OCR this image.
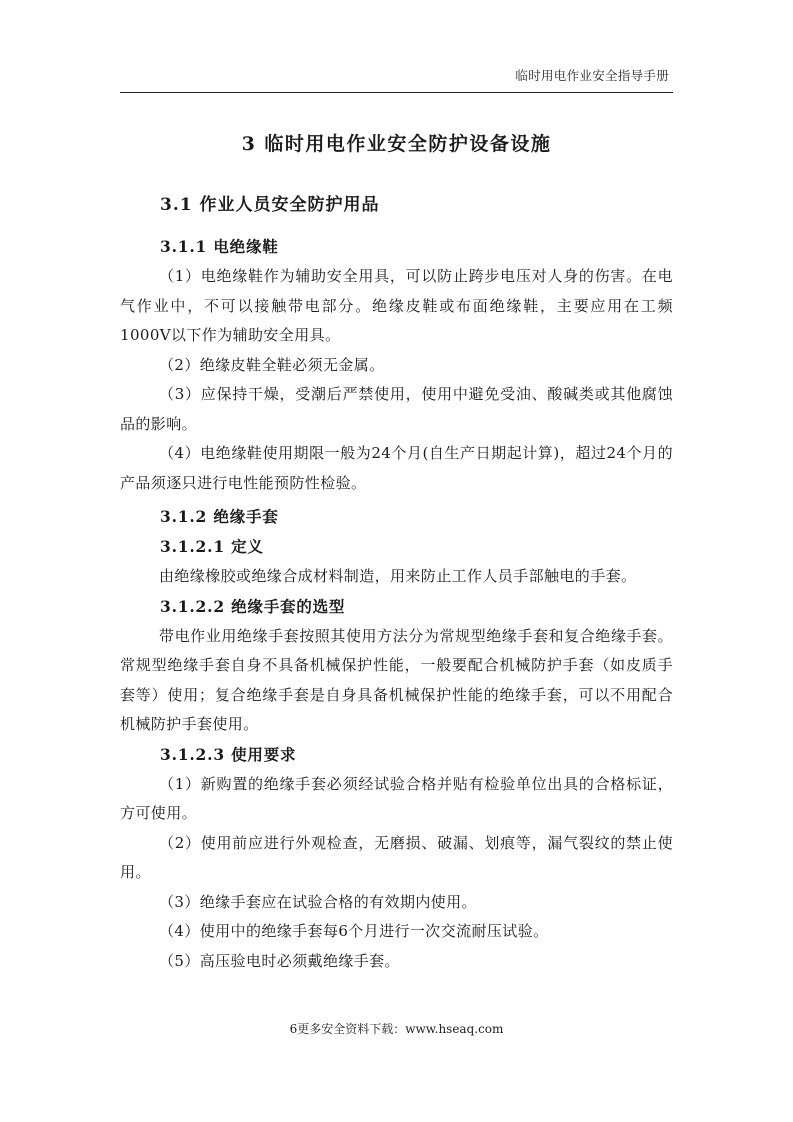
临时用电作业安全指导手册
3 临时用电作业安全防护设备设施
3.1 作业人员安全防护用品
3.1.1 电绝缘鞋

（1）电绝缘鞋作为辅助安全用具，可以防止跨步电压对人身的伤害。在电气作业中，不可以接触带电部分。绝缘皮鞋或布面绝缘鞋，主要应用在工频1000V以下作为辅助安全用具。

（2）绝缘皮鞋全鞋必须无金属。

（3）应保持干燥，受潮后严禁使用，使用中避免受油、酸碱类或其他腐蚀品的影响。

（4）电绝缘鞋使用期限一般为24个月(自生产日期起计算)，超过24个月的产品须逐只进行电性能预防性检验。

3.1.2 绝缘手套
3.1.2.1 定义

由绝缘橡胶或绝缘合成材料制造，用来防止工作人员手部触电的手套。

3.1.2.2 绝缘手套的选型

带电作业用绝缘手套按照其使用方法分为常规型绝缘手套和复合绝缘手套。常规型绝缘手套自身不具备机械保护性能，一般要配合机械防护手套（如皮质手套等）使用；复合绝缘手套是自身具备机械保护性能的绝缘手套，可以不用配合机械防护手套使用。

3.1.2.3 使用要求

（1）新购置的绝缘手套必须经试验合格并贴有检验单位出具的合格标证，方可使用。

（2）使用前应进行外观检查，无磨损、破漏、划痕等，漏气裂纹的禁止使用。

（3）绝缘手套应在试验合格的有效期内使用。

（4）使用中的绝缘手套每6个月进行一次交流耐压试验。

（5）高压验电时必须戴绝缘手套。

6更多安全资料下载：www.hseaq.com
